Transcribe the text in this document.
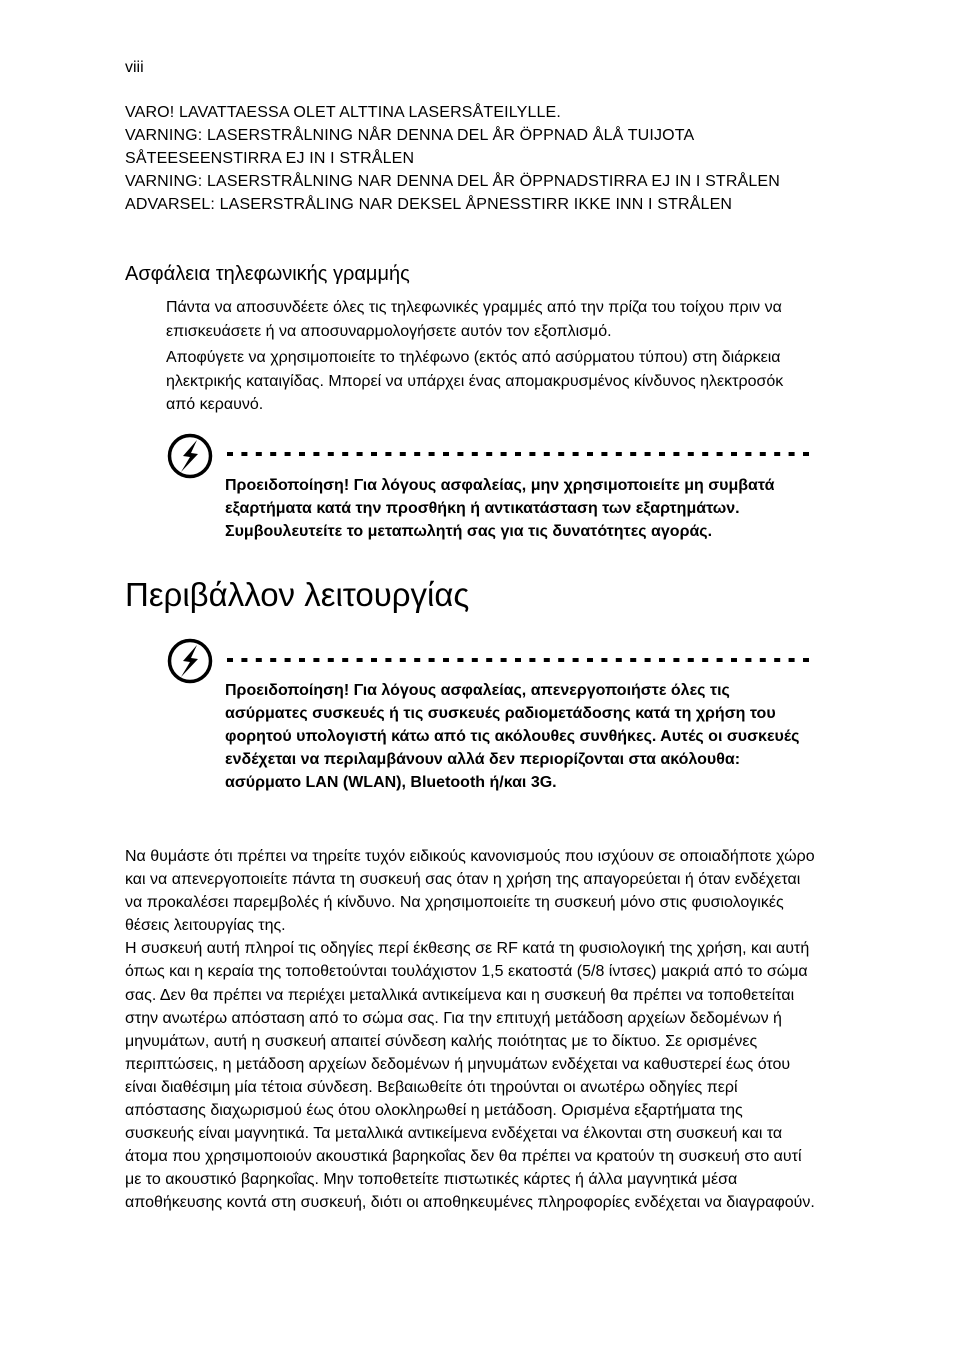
viii

VARO! LAVATTAESSA OLET ALTTINA LASERSÅTEILYLLE.

VARNING: LASERSTRÅLNING NÅR DENNA DEL ÅR ÖPPNAD ÅLÅ TUIJOTA SÅTEESEENSTIRRA EJ IN I STRÅLEN

VARNING: LASERSTRÅLNING NAR DENNA DEL ÅR ÖPPNADSTIRRA EJ IN I STRÅLEN

ADVARSEL: LASERSTRÅLING NAR DEKSEL ÅPNESSTIRR IKKE INN I STRÅLEN

Ασφάλεια τηλεφωνικής γραμμής

Πάντα να αποσυνδέετε όλες τις τηλεφωνικές γραμμές από την πρίζα του τοίχου πριν να επισκευάσετε ή να αποσυναρμολογήσετε αυτόν τον εξοπλισμό.

Αποφύγετε να χρησιμοποιείτε το τηλέφωνο (εκτός από ασύρματου τύπου) στη διάρκεια ηλεκτρικής καταιγίδας. Μπορεί να υπάρχει ένας απομακρυσμένος κίνδυνος ηλεκτροσόκ από κεραυνό.

Προειδοποίηση! Για λόγους ασφαλείας, μην χρησιμοποιείτε μη συμβατά εξαρτήματα κατά την προσθήκη ή αντικατάσταση των εξαρτημάτων. Συμβουλευτείτε το μεταπωλητή σας για τις δυνατότητες αγοράς.
Περιβάλλον λειτουργίας
Προειδοποίηση! Για λόγους ασφαλείας, απενεργοποιήστε όλες τις ασύρματες συσκευές ή τις συσκευές ραδιομετάδοσης κατά τη χρήση του φορητού υπολογιστή κάτω από τις ακόλουθες συνθήκες. Αυτές οι συσκευές ενδέχεται να περιλαμβάνουν αλλά δεν περιορίζονται στα ακόλουθα: ασύρματο LAN (WLAN), Bluetooth ή/και 3G.

Να θυμάστε ότι πρέπει να τηρείτε τυχόν ειδικούς κανονισμούς που ισχύουν σε οποιαδήποτε χώρο και να απενεργοποιείτε πάντα τη συσκευή σας όταν η χρήση της απαγορεύεται ή όταν ενδέχεται να προκαλέσει παρεμβολές ή κίνδυνο. Να χρησιμοποιείτε τη συσκευή μόνο στις φυσιολογικές θέσεις λειτουργίας της.

Η συσκευή αυτή πληροί τις οδηγίες περί έκθεσης σε RF κατά τη φυσιολογική της χρήση, και αυτή όπως και η κεραία της τοποθετούνται τουλάχιστον 1,5 εκατοστά (5/8 ίντσες) μακριά από το σώμα σας. Δεν θα πρέπει να περιέχει μεταλλικά αντικείμενα και η συσκευή θα πρέπει να τοποθετείται στην ανωτέρω απόσταση από το σώμα σας. Για την επιτυχή μετάδοση αρχείων δεδομένων ή μηνυμάτων, αυτή η συσκευή απαιτεί σύνδεση καλής ποιότητας με το δίκτυο. Σε ορισμένες περιπτώσεις, η μετάδοση αρχείων δεδομένων ή μηνυμάτων ενδέχεται να καθυστερεί έως ότου είναι διαθέσιμη μία τέτοια σύνδεση. Βεβαιωθείτε ότι τηρούνται οι ανωτέρω οδηγίες περί απόστασης διαχωρισμού έως ότου ολοκληρωθεί η μετάδοση. Ορισμένα εξαρτήματα της συσκευής είναι μαγνητικά. Τα μεταλλικά αντικείμενα ενδέχεται να έλκονται στη συσκευή και τα άτομα που χρησιμοποιούν ακουστικά βαρηκοΐας δεν θα πρέπει να κρατούν τη συσκευή στο αυτί με το ακουστικό βαρηκοΐας. Μην τοποθετείτε πιστωτικές κάρτες ή άλλα μαγνητικά μέσα αποθήκευσης κοντά στη συσκευή, διότι οι αποθηκευμένες πληροφορίες ενδέχεται να διαγραφούν.
